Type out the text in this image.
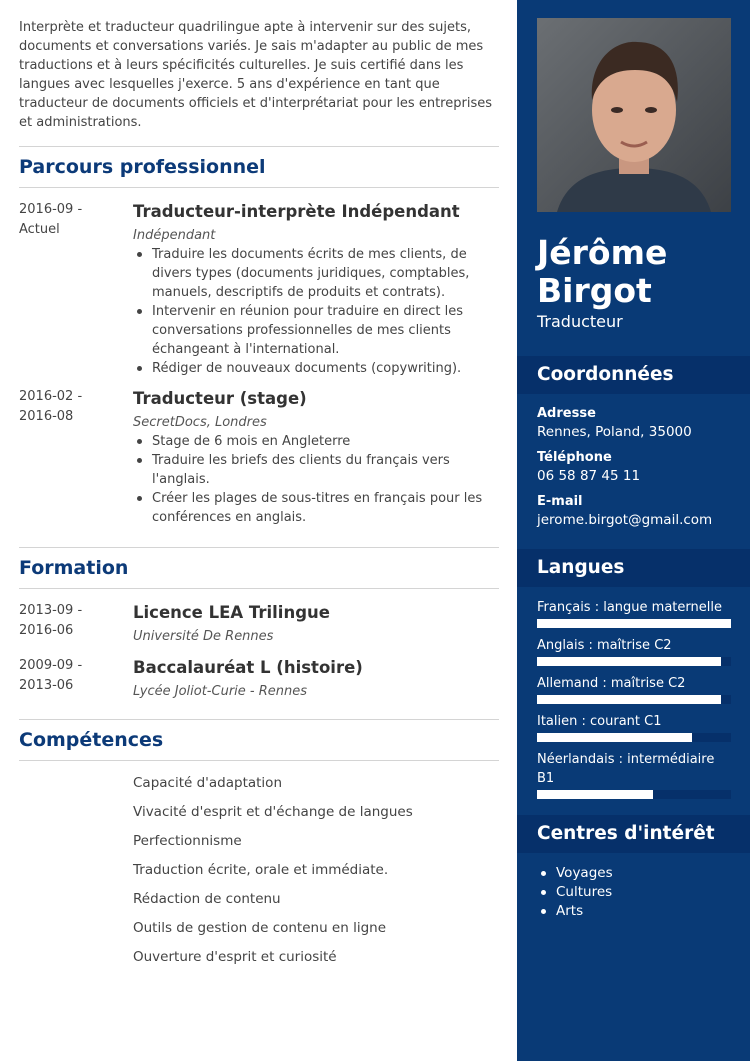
Interprète et traducteur quadrilingue apte à intervenir sur des sujets, documents et conversations variés. Je sais m'adapter au public de mes traductions et à leurs spécificités culturelles. Je suis certifié dans les langues avec lesquelles j'exerce. 5 ans d'expérience en tant que traducteur de documents officiels et d'interprétariat pour les entreprises et administrations.

Parcours professionnel
2016-09 - Actuel
Traducteur-interprète Indépendant
Indépendant
Traduire les documents écrits de mes clients, de divers types (documents juridiques, comptables, manuels, descriptifs de produits et contrats).
Intervenir en réunion pour traduire en direct les conversations professionnelles de mes clients échangeant à l'international.
Rédiger de nouveaux documents (copywriting).
2016-02 - 2016-08
Traducteur (stage)
SecretDocs, Londres
Stage de 6 mois en Angleterre
Traduire les briefs des clients du français vers l'anglais.
Créer les plages de sous-titres en français pour les conférences en anglais.
Formation
2013-09 - 2016-06
Licence LEA Trilingue
Université De Rennes
2009-09 - 2013-06
Baccalauréat L (histoire)
Lycée Joliot-Curie - Rennes
Compétences
Capacité d'adaptation
Vivacité d'esprit et d'échange de langues
Perfectionnisme
Traduction écrite, orale et immédiate.
Rédaction de contenu
Outils de gestion de contenu en ligne
Ouverture d'esprit et curiosité
Jérôme
Birgot
Traducteur
Coordonnées
Adresse
Rennes, Poland, 35000
Téléphone
06 58 87 45 11
E-mail
jerome.birgot@gmail.com
Langues
Français : langue maternelle
Anglais : maîtrise C2
Allemand : maîtrise C2
Italien : courant C1
Néerlandais : intermédiaire B1
Centres d'intérêt
Voyages
Cultures
Arts
